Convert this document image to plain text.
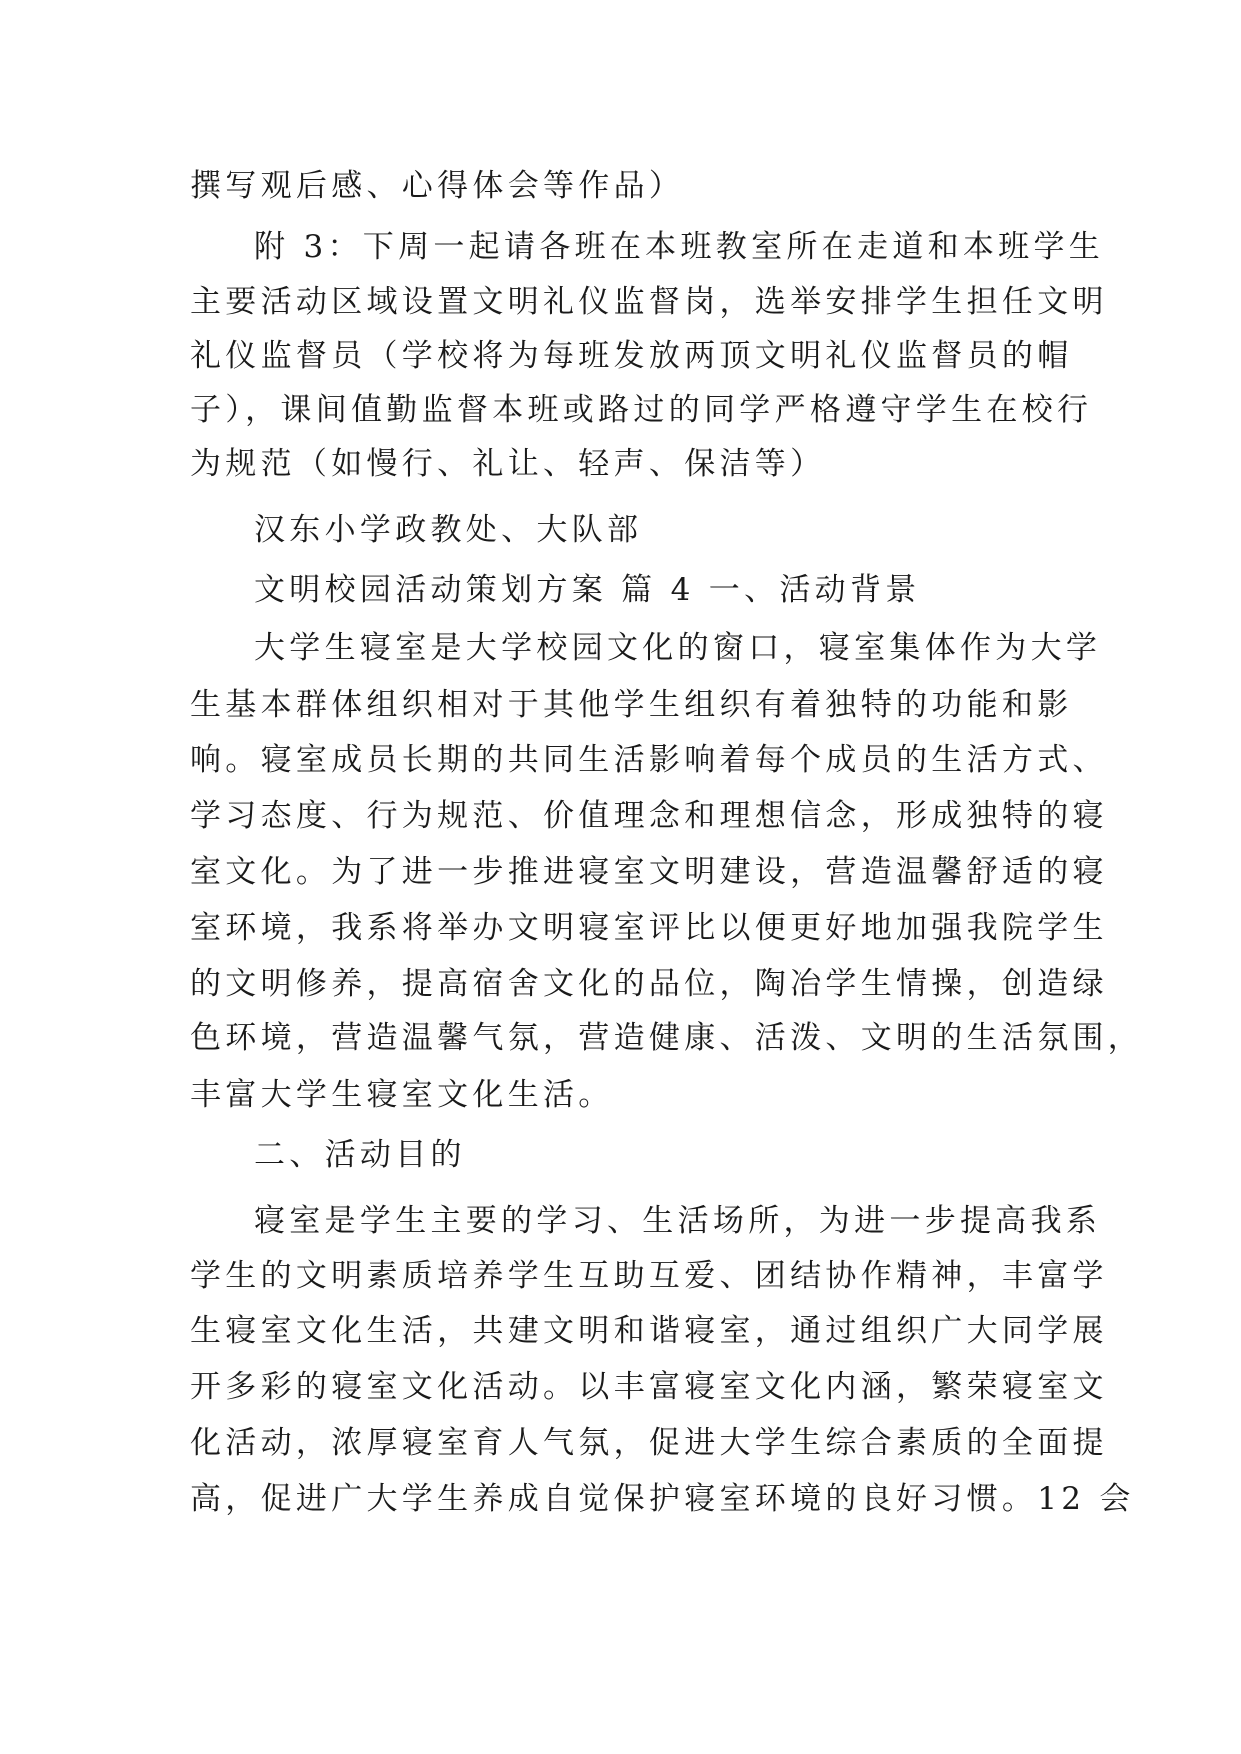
撰写观后感、心得体会等作品）

附 3：下周一起请各班在本班教室所在走道和本班学生

主要活动区域设置文明礼仪监督岗，选举安排学生担任文明

礼仪监督员（学校将为每班发放两顶文明礼仪监督员的帽

子），课间值勤监督本班或路过的同学严格遵守学生在校行

为规范（如慢行、礼让、轻声、保洁等）

汉东小学政教处、大队部

文明校园活动策划方案 篇 4 一、活动背景

大学生寝室是大学校园文化的窗口，寝室集体作为大学

生基本群体组织相对于其他学生组织有着独特的功能和影

响。寝室成员长期的共同生活影响着每个成员的生活方式、

学习态度、行为规范、价值理念和理想信念，形成独特的寝

室文化。为了进一步推进寝室文明建设，营造温馨舒适的寝

室环境，我系将举办文明寝室评比以便更好地加强我院学生

的文明修养，提高宿舍文化的品位，陶冶学生情操，创造绿

色环境，营造温馨气氛，营造健康、活泼、文明的生活氛围，

丰富大学生寝室文化生活。

二、活动目的

寝室是学生主要的学习、生活场所，为进一步提高我系

学生的文明素质培养学生互助互爱、团结协作精神，丰富学

生寝室文化生活，共建文明和谐寝室，通过组织广大同学展

开多彩的寝室文化活动。以丰富寝室文化内涵，繁荣寝室文

化活动，浓厚寝室育人气氛，促进大学生综合素质的全面提

高，促进广大学生养成自觉保护寝室环境的良好习惯。12 会
